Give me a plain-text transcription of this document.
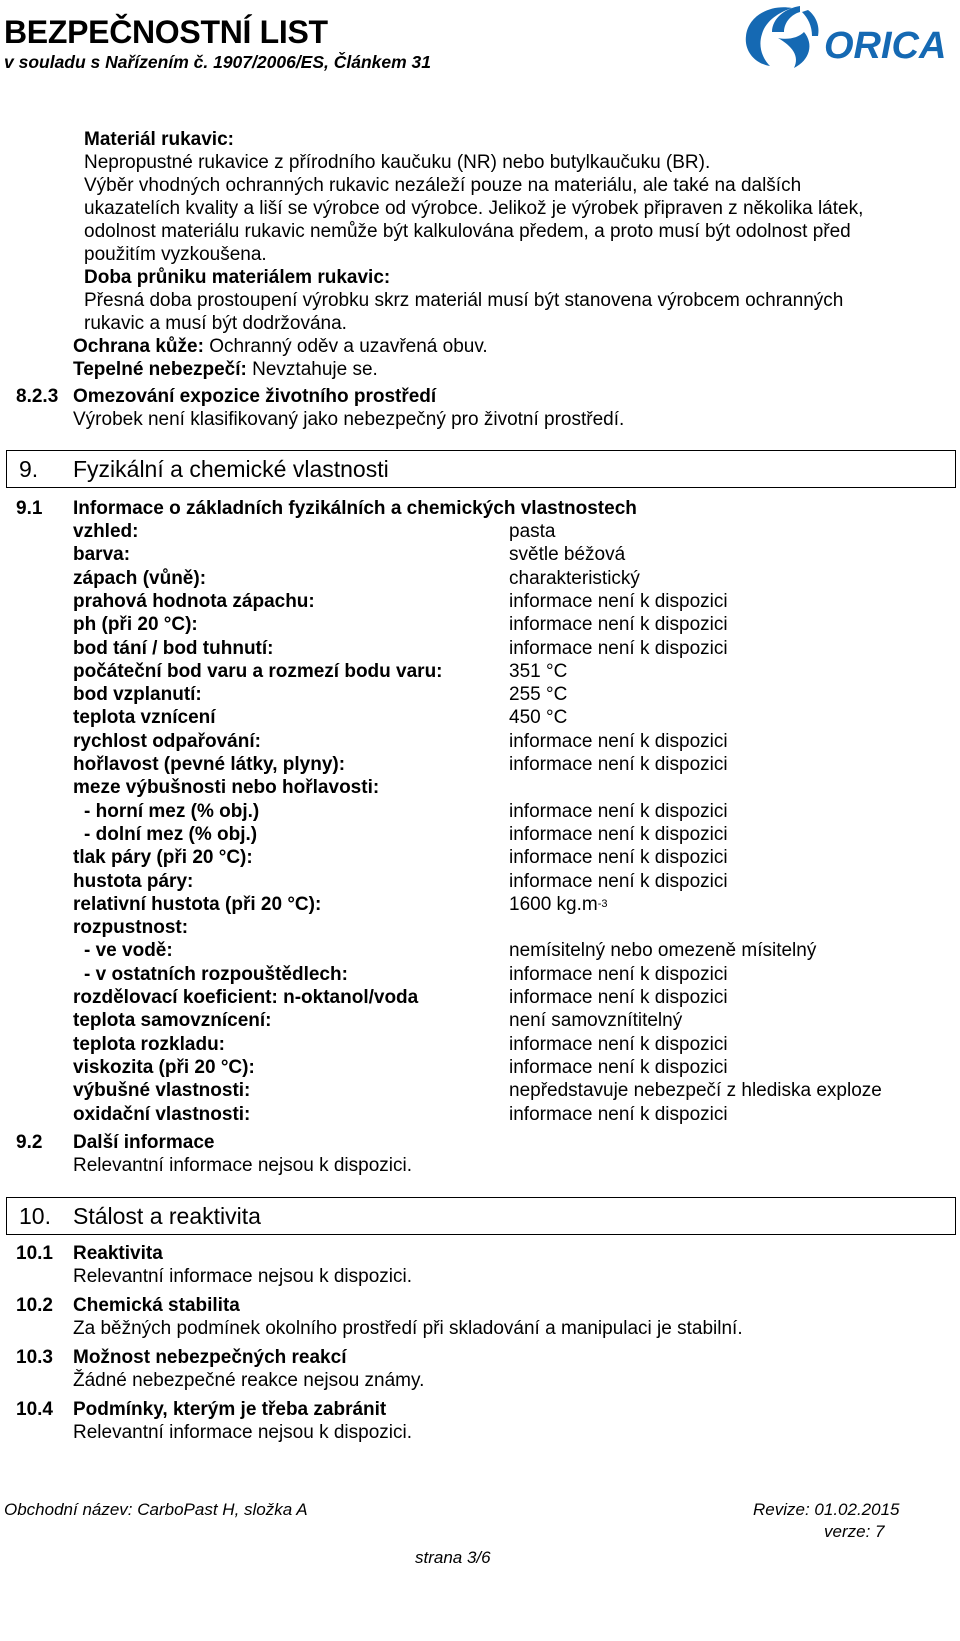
BEZPEČNOSTNÍ LIST
v souladu s Nařízením č. 1907/2006/ES, Článkem 31	ORICA
Materiál rukavic:
Nepropustné rukavice z přírodního kaučuku (NR) nebo butylkaučuku (BR).
Výběr vhodných ochranných rukavic nezáleží pouze na materiálu, ale také na dalších
ukazatelích kvality a liší se výrobce od výrobce. Jelikož je výrobek připraven z několika látek,
odolnost materiálu rukavic nemůže být kalkulována předem, a proto musí být odolnost před
použitím vyzkoušena.
Doba průniku materiálem rukavic:
Přesná doba prostoupení výrobku skrz materiál musí být stanovena výrobcem ochranných
rukavic a musí být dodržována.
Ochrana kůže: Ochranný oděv a uzavřená obuv.
Tepelné nebezpečí: Nevztahuje se.
8.2.3 Omezování expozice životního prostředí
Výrobek není klasifikovaný jako nebezpečný pro životní prostředí.
9. Fyzikální a chemické vlastnosti
9.1 Informace o základních fyzikálních a chemických vlastnostech
vzhled:	pasta
barva:	světle béžová
zápach (vůně):	charakteristický
prahová hodnota zápachu:	informace není k dispozici
ph (při 20 °C):	informace není k dispozici
bod tání / bod tuhnutí:	informace není k dispozici
počáteční bod varu a rozmezí bodu varu:	351 °C
bod vzplanutí:	255 °C
teplota vznícení	450 °C
rychlost odpařování:	informace není k dispozici
hořlavost (pevné látky, plyny):	informace není k dispozici
meze výbušnosti nebo hořlavosti:
- horní mez (% obj.)	informace není k dispozici
- dolní mez (% obj.)	informace není k dispozici
tlak páry (při 20 °C):	informace není k dispozici
hustota páry:	informace není k dispozici
relativní hustota (při 20 °C):	1600 $kg.m^{-3}$
rozpustnost:
- ve vodě:	nemísitelný nebo omezeně mísitelný
- v ostatních rozpouštědlech:	informace není k dispozici
rozdělovací koeficient: n-oktanol/voda	informace není k dispozici
teplota samovznícení:	není samovznítitelný
teplota rozkladu:	informace není k dispozici
viskozita (při 20 °C):	informace není k dispozici
výbušné vlastnosti:	nepředstavuje nebezpečí z hlediska exploze
oxidační vlastnosti:	informace není k dispozici
9.2 Další informace
Relevantní informace nejsou k dispozici.
10. Stálost a reaktivita
10.1 Reaktivita
Relevantní informace nejsou k dispozici.
10.2 Chemická stabilita
Za běžných podmínek okolního prostředí při skladování a manipulaci je stabilní.
10.3 Možnost nebezpečných reakcí
Žádné nebezpečné reakce nejsou známy.
10.4 Podmínky, kterým je třeba zabránit
Relevantní informace nejsou k dispozici.
Obchodní název: CarboPast H, složka A	Revize: 01.02.2015
verze: 7
strana 3/6
